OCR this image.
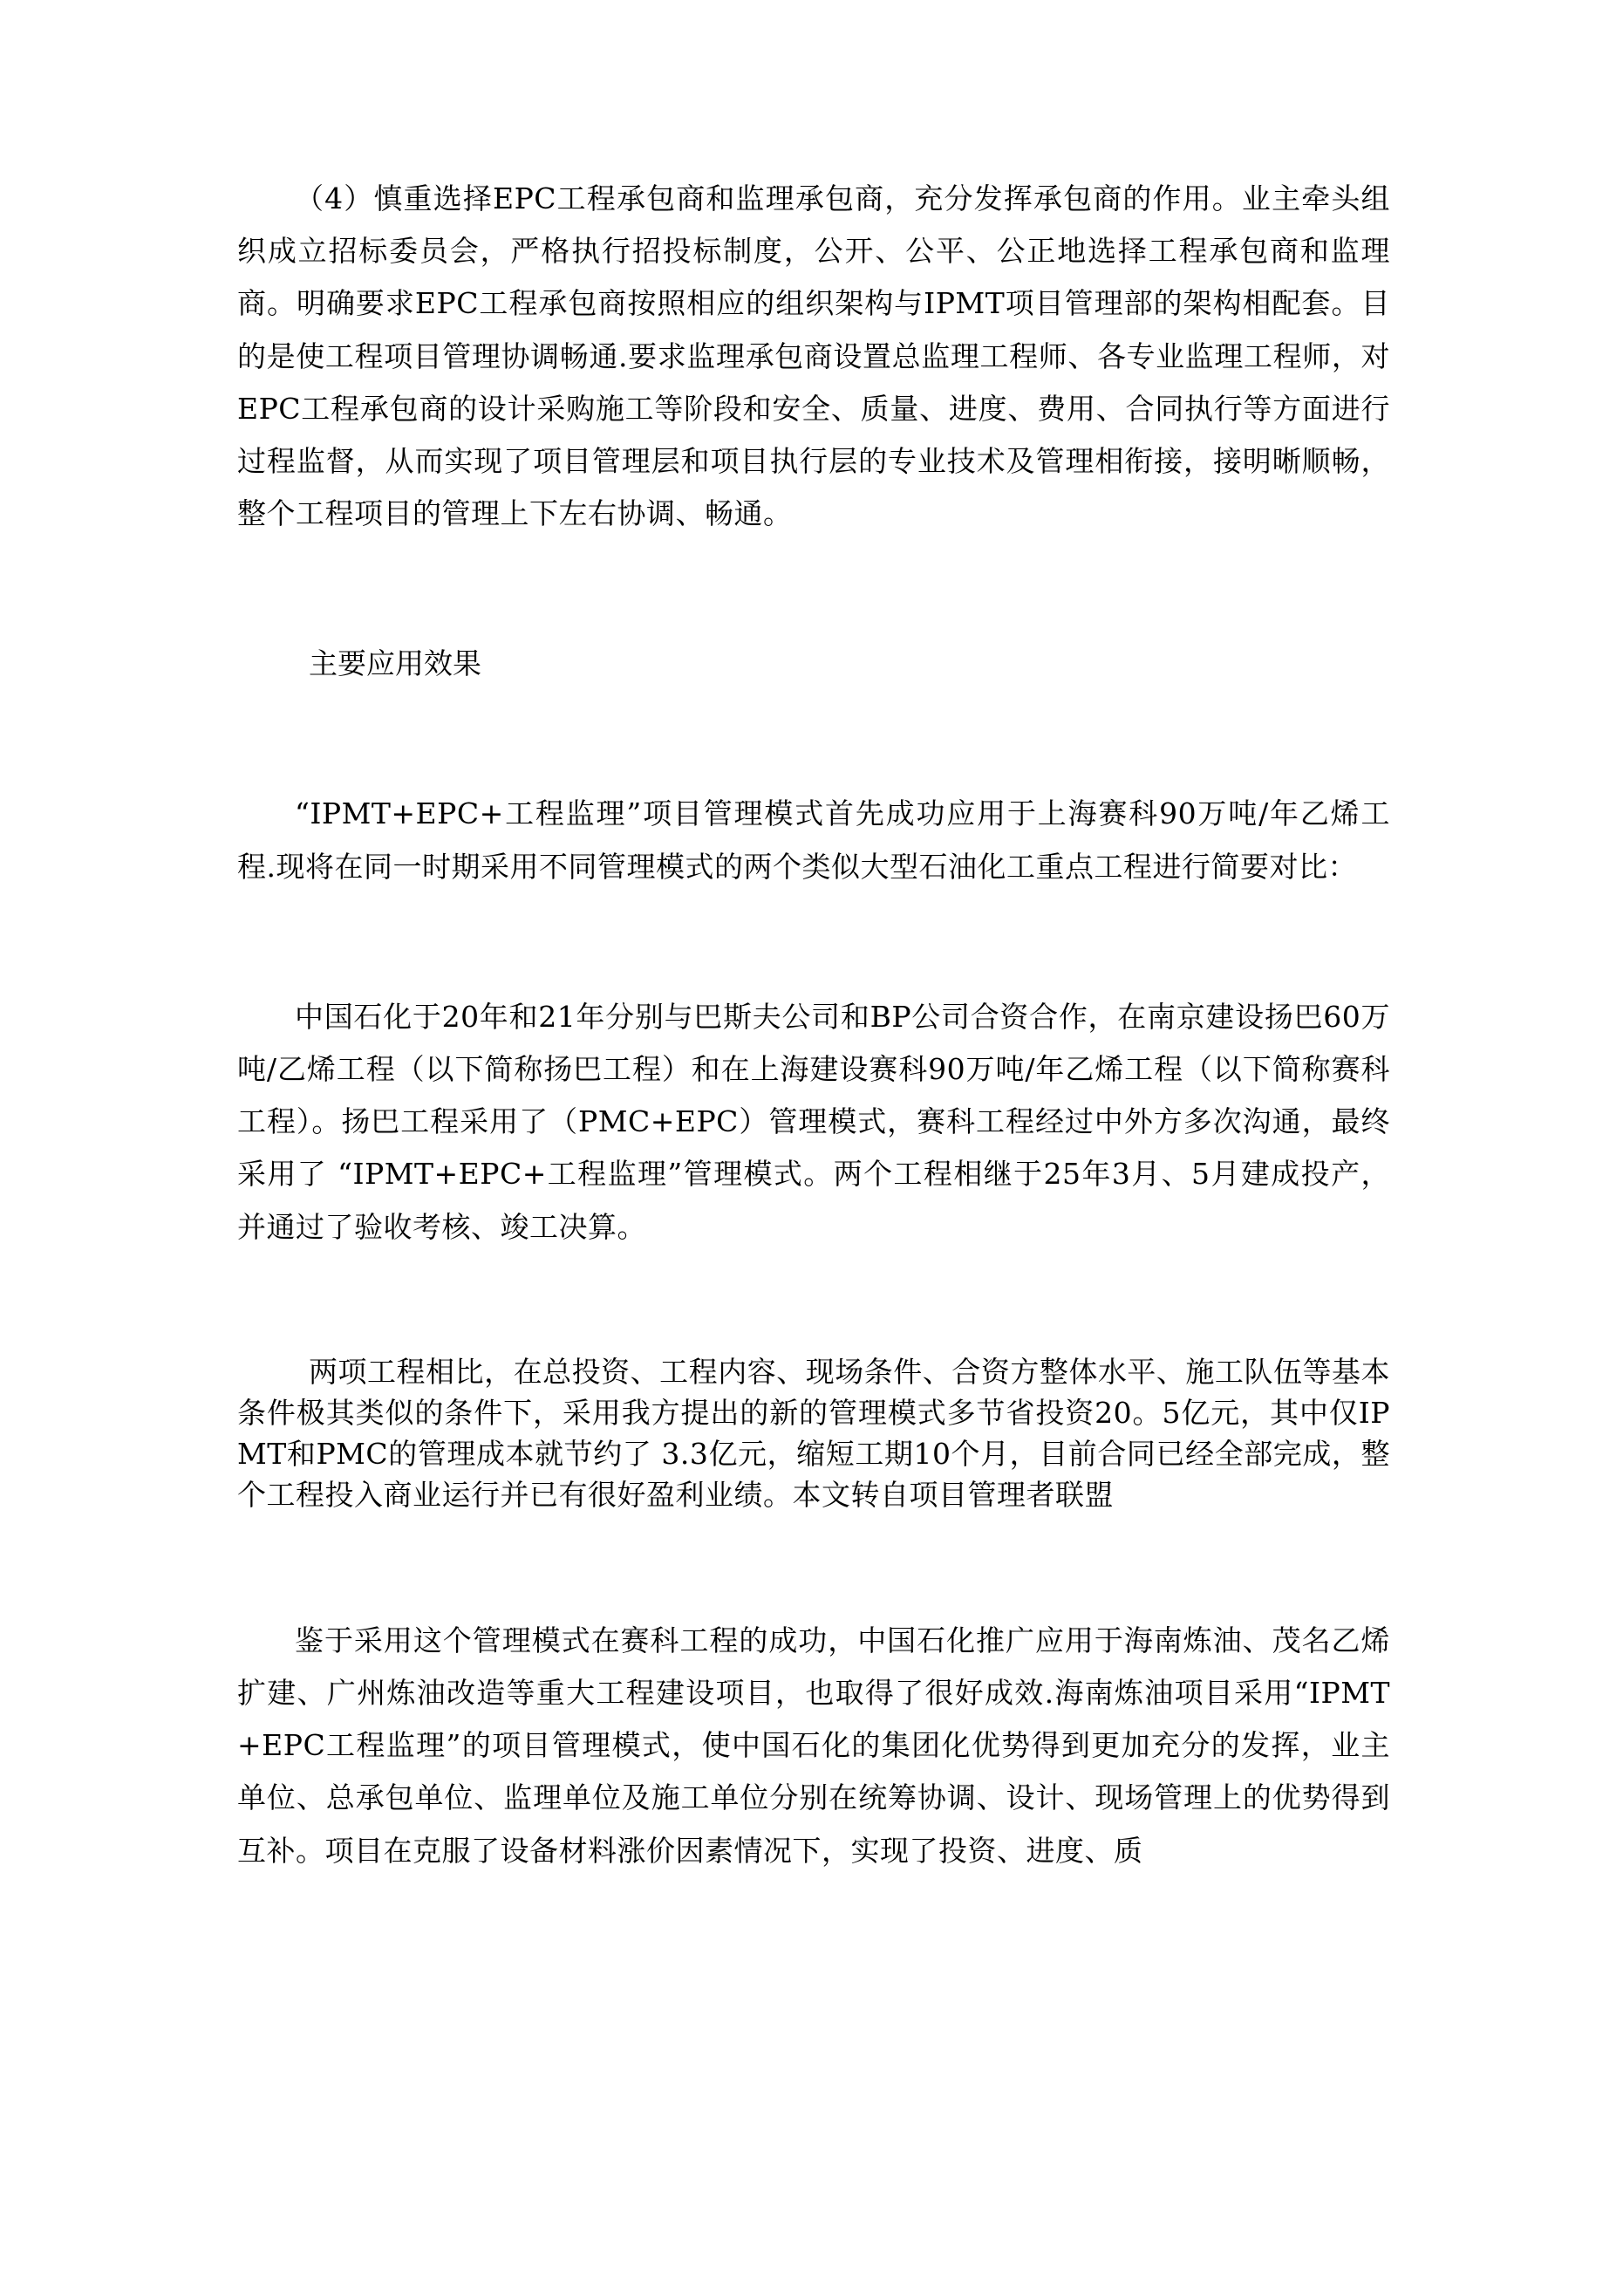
（4）慎重选择EPC工程承包商和监理承包商，充分发挥承包商的作用。业主牵头组织成立招标委员会，严格执行招投标制度，公开、公平、公正地选择工程承包商和监理商。明确要求EPC工程承包商按照相应的组织架构与IPMT项目管理部的架构相配套。目的是使工程项目管理协调畅通.要求监理承包商设置总监理工程师、各专业监理工程师，对EPC工程承包商的设计采购施工等阶段和安全、质量、进度、费用、合同执行等方面进行过程监督，从而实现了项目管理层和项目执行层的专业技术及管理相衔接，接明晰顺畅，整个工程项目的管理上下左右协调、畅通。

主要应用效果

“IPMT+EPC+工程监理”项目管理模式首先成功应用于上海赛科90万吨/年乙烯工程.现将在同一时期采用不同管理模式的两个类似大型石油化工重点工程进行简要对比：

中国石化于20年和21年分别与巴斯夫公司和BP公司合资合作，在南京建设扬巴60万吨/乙烯工程（以下简称扬巴工程）和在上海建设赛科90万吨/年乙烯工程（以下简称赛科工程）。扬巴工程采用了（PMC+EPC）管理模式，赛科工程经过中外方多次沟通，最终采用了 “IPMT+EPC+工程监理”管理模式。两个工程相继于25年3月、5月建成投产，并通过了验收考核、竣工决算。

两项工程相比，在总投资、工程内容、现场条件、合资方整体水平、施工队伍等基本条件极其类似的条件下，采用我方提出的新的管理模式多节省投资20。5亿元，其中仅IPMT和PMC的管理成本就节约了 3.3亿元，缩短工期10个月，目前合同已经全部完成，整个工程投入商业运行并已有很好盈利业绩。本文转自项目管理者联盟

鉴于采用这个管理模式在赛科工程的成功，中国石化推广应用于海南炼油、茂名乙烯扩建、广州炼油改造等重大工程建设项目，也取得了很好成效.海南炼油项目采用“IPMT+EPC工程监理”的项目管理模式，使中国石化的集团化优势得到更加充分的发挥，业主单位、总承包单位、监理单位及施工单位分别在统筹协调、设计、现场管理上的优势得到互补。项目在克服了设备材料涨价因素情况下，实现了投资、进度、质
